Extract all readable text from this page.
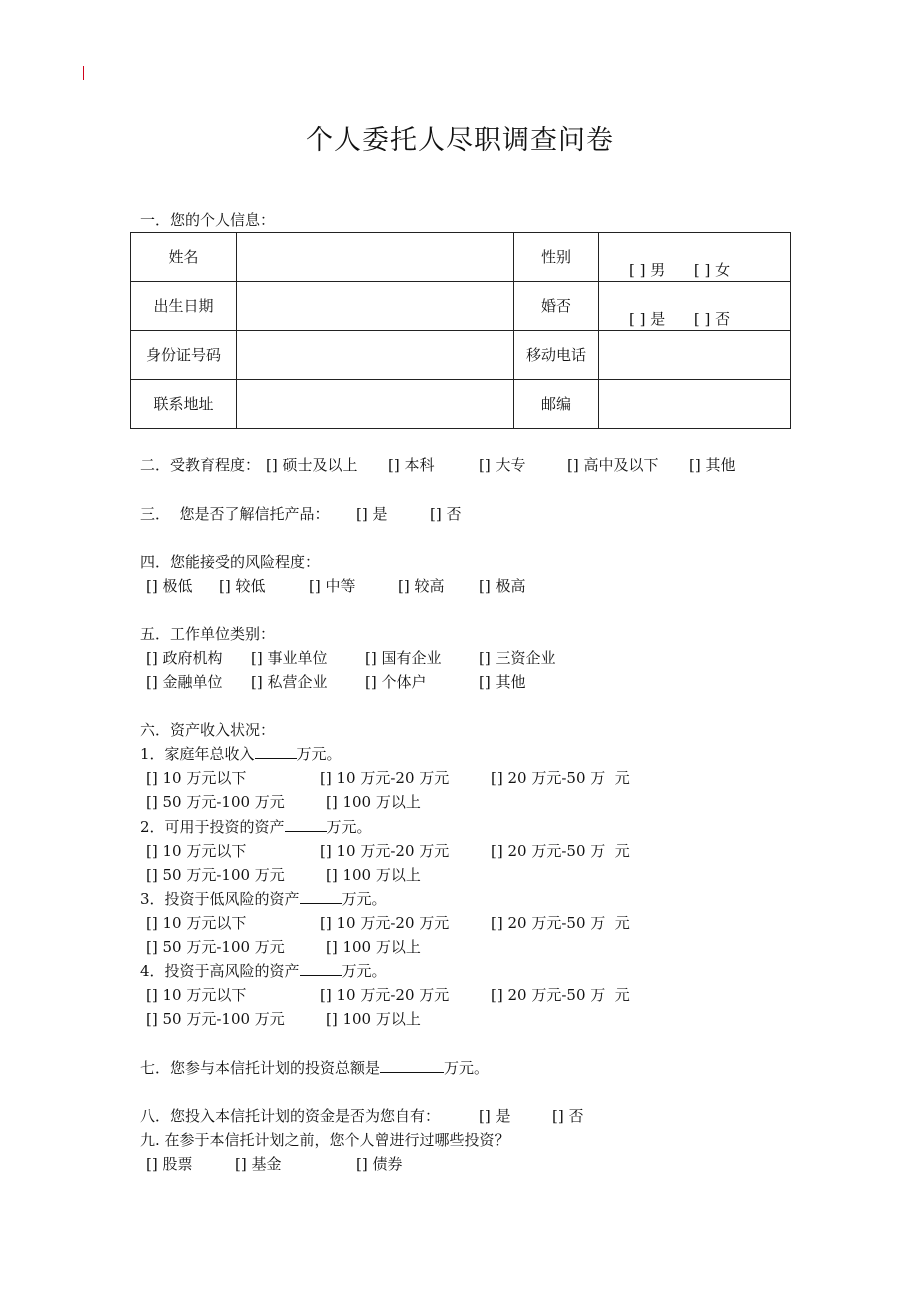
个人委托人尽职调查问卷
一．您的个人信息：
姓名		性别	[ ] 男 [ ] 女
出生日期		婚否	[ ] 是 [ ] 否
身份证号码		移动电话	
联系地址		邮编	
二．受教育程度： [] 硕士及以上 [] 本科	[] 大专	[] 高中及以下 [] 其他
三．  您是否了解信托产品： [] 是	[] 否
四．您能接受的风险程度：
[] 极低 [] 较低	[] 中等	[] 较高 [] 极高
五．工作单位类别：
[] 政府机构 [] 事业单位	[] 国有企业	[] 三资企业
[] 金融单位 [] 私营企业	[] 个体户	[] 其他
六．资产收入状况：
1．家庭年总收入	万元。
[] 10 万元以下	[] 10 万元-20 万元	[] 20 万元-50 万  元
[] 50 万元-100 万元	[] 100 万以上
2．可用于投资的资产	万元。
[] 10 万元以下	[] 10 万元-20 万元	[] 20 万元-50 万  元
[] 50 万元-100 万元	[] 100 万以上
3．投资于低风险的资产	万元。
[] 10 万元以下	[] 10 万元-20 万元	[] 20 万元-50 万  元
[] 50 万元-100 万元	[] 100 万以上
4．投资于高风险的资产	万元。
[] 10 万元以下	[] 10 万元-20 万元	[] 20 万元-50 万  元
[] 50 万元-100 万元	[] 100 万以上
七．您参与本信托计划的投资总额是	万元。
八．您投入本信托计划的资金是否为您自有：	[] 是	[] 否
九. 在参于本信托计划之前，您个人曾进行过哪些投资？
[] 股票	[] 基金	[] 债券
